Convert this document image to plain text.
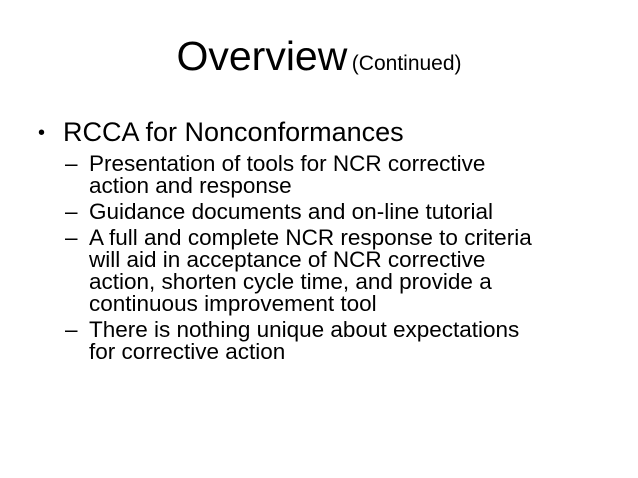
Overview (Continued)
• RCCA for Nonconformances
– Presentation of tools for NCR corrective
action and response
– Guidance documents and on-line tutorial
– A full and complete NCR response to criteria
will aid in acceptance of NCR corrective
action, shorten cycle time, and provide a
continuous improvement tool
– There is nothing unique about expectations
for corrective action
